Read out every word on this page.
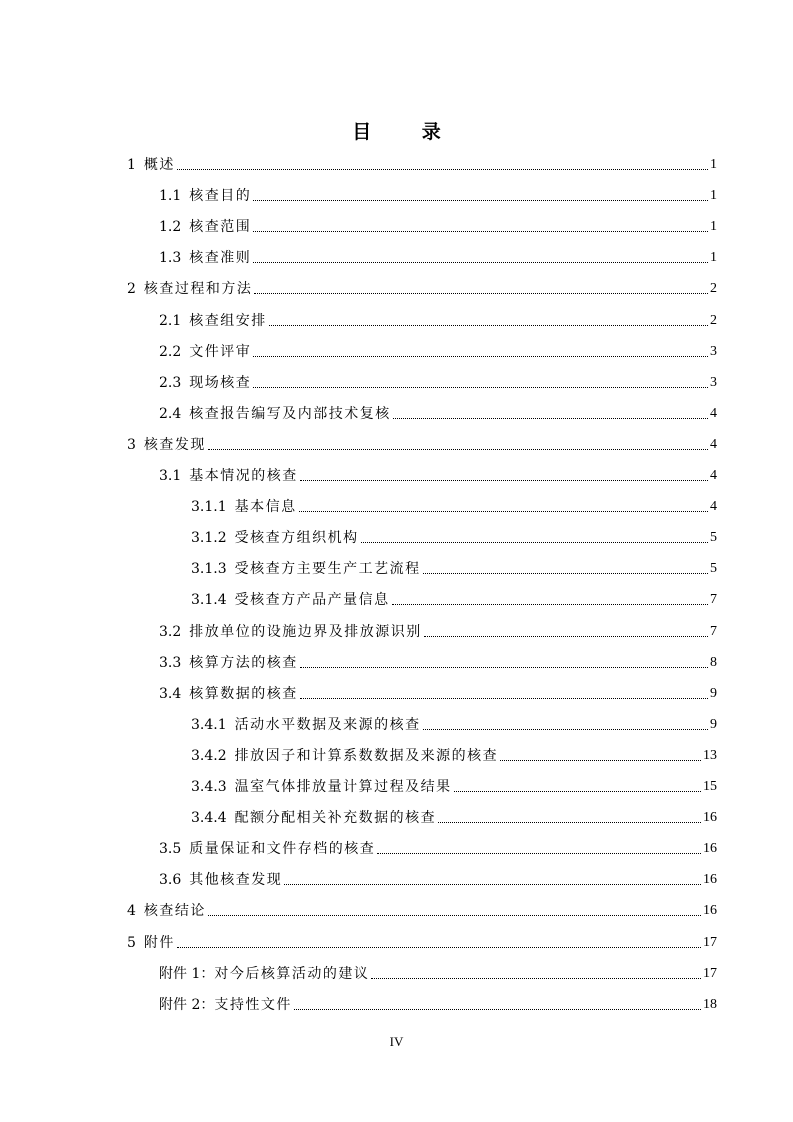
目 录
1 概述	1
1.1 核查目的	1
1.2 核查范围	1
1.3 核查准则	1
2 核查过程和方法	2
2.1 核查组安排	2
2.2 文件评审	3
2.3 现场核查	3
2.4 核查报告编写及内部技术复核	4
3 核查发现	4
3.1 基本情况的核查	4
3.1.1 基本信息	4
3.1.2 受核查方组织机构	5
3.1.3 受核查方主要生产工艺流程	5
3.1.4 受核查方产品产量信息	7
3.2 排放单位的设施边界及排放源识别	7
3.3 核算方法的核查	8
3.4 核算数据的核查	9
3.4.1 活动水平数据及来源的核查	9
3.4.2 排放因子和计算系数数据及来源的核查	13
3.4.3 温室气体排放量计算过程及结果	15
3.4.4 配额分配相关补充数据的核查	16
3.5 质量保证和文件存档的核查	16
3.6 其他核查发现	16
4 核查结论	16
5 附件	17
附件 1： 对今后核算活动的建议	17
附件 2： 支持性文件	18
IV
